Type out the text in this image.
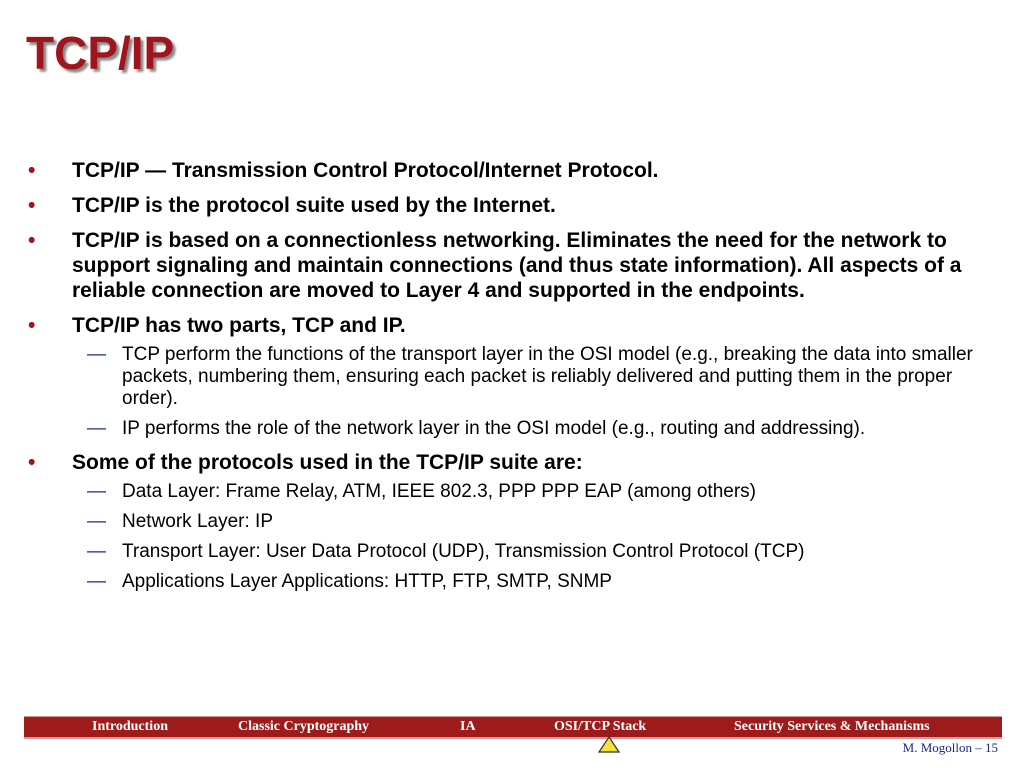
TCP/IP
• TCP/IP — Transmission Control Protocol/Internet Protocol.
• TCP/IP is the protocol suite used by the Internet.
• TCP/IP is based on a connectionless networking. Eliminates the need for the network to support signaling and maintain connections (and thus state information). All aspects of a reliable connection are moved to Layer 4 and supported in the endpoints.
• TCP/IP has two parts, TCP and IP.
— TCP perform the functions of the transport layer in the OSI model (e.g., breaking the data into smaller packets, numbering them, ensuring each packet is reliably delivered and putting them in the proper order).
— IP performs the role of the network layer in the OSI model (e.g., routing and addressing).
• Some of the protocols used in the TCP/IP suite are:
— Data Layer: Frame Relay, ATM, IEEE 802.3, PPP PPP EAP (among others)
— Network Layer: IP
— Transport Layer: User Data Protocol (UDP), Transmission Control Protocol (TCP)
— Applications Layer Applications: HTTP, FTP, SMTP, SNMP
Introduction	Classic Cryptography	IA	OSI/TCP Stack	Security Services & Mechanisms
M. Mogollon – 15
